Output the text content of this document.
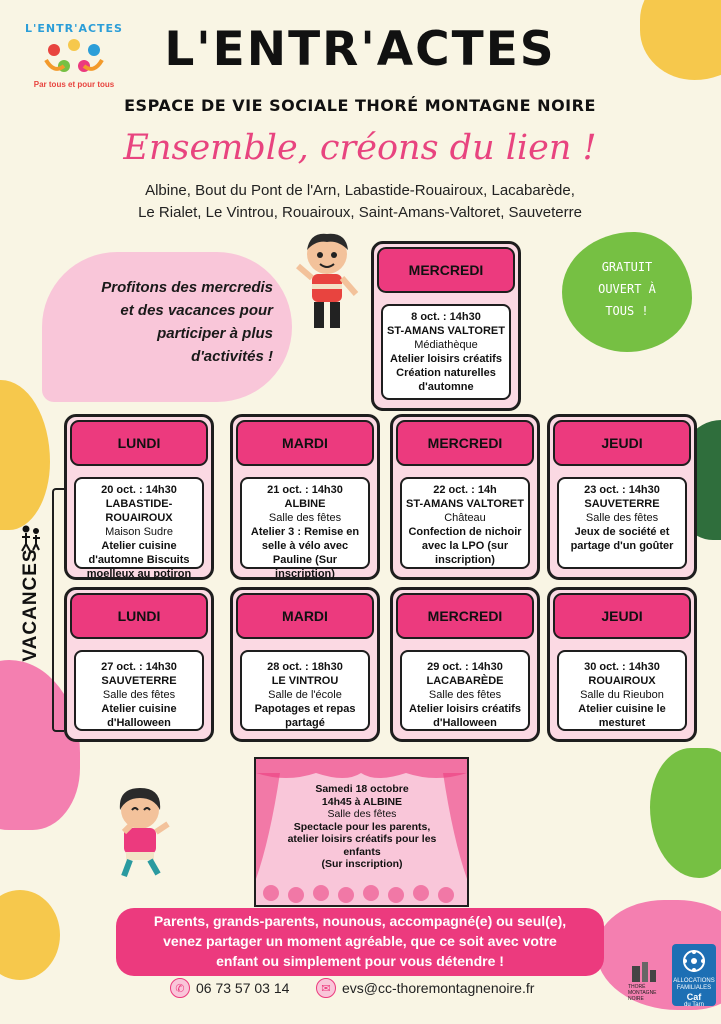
L'ENTR'ACTES
Par tous et pour tous
L'ENTR'ACTES
ESPACE DE VIE SOCIALE THORÉ MONTAGNE NOIRE
Ensemble, créons du lien !
Albine, Bout du Pont de l'Arn, Labastide-Rouairoux, Lacabarède,
Le Rialet, Le Vintrou, Rouairoux, Saint-Amans-Valtoret, Sauveterre
Profitons des mercredis
et des vacances pour
participer à plus
d'activités !
GRATUIT
OUVERT À
TOUS !
MERCREDI
8 oct. : 14h30
ST-AMANS VALTORET
Médiathèque
Atelier loisirs créatifs
Création naturelles d'automne
VACANCES
LUNDI
20 oct. : 14h30
LABASTIDE-ROUAIROUX
Maison Sudre
Atelier cuisine d'automne Biscuits moelleux au potiron
MARDI
21 oct. : 14h30
ALBINE
Salle des fêtes
Atelier 3 : Remise en selle à vélo avec Pauline (Sur inscription)
MERCREDI
22 oct. : 14h
ST-AMANS VALTORET
Château
Confection de nichoir avec la LPO (sur inscription)
JEUDI
23 oct. : 14h30
SAUVETERRE
Salle des fêtes
Jeux de société et partage d'un goûter
LUNDI
27 oct. : 14h30
SAUVETERRE
Salle des fêtes
Atelier cuisine d'Halloween
MARDI
28 oct. : 18h30
LE VINTROU
Salle de l'école
Papotages et repas partagé
MERCREDI
29 oct. : 14h30
LACABARÈDE
Salle des fêtes
Atelier loisirs créatifs d'Halloween
JEUDI
30 oct. : 14h30
ROUAIROUX
Salle du Rieubon
Atelier cuisine le mesturet
Samedi 18 octobre
14h45 à ALBINE
Salle des fêtes
Spectacle pour les parents, atelier loisirs créatifs pour les enfants
(Sur inscription)
Parents, grands-parents, nounous, accompagné(e) ou seul(e),
venez partager un moment agréable, que ce soit avec votre
enfant ou simplement pour vous détendre !
✆ 06 73 57 03 14	✉ evs@cc-thoremontagnenoire.fr	THORÉ MONTAGNE NOIRE
ALLOCATIONS FAMILIALES
Caf
du Tarn
